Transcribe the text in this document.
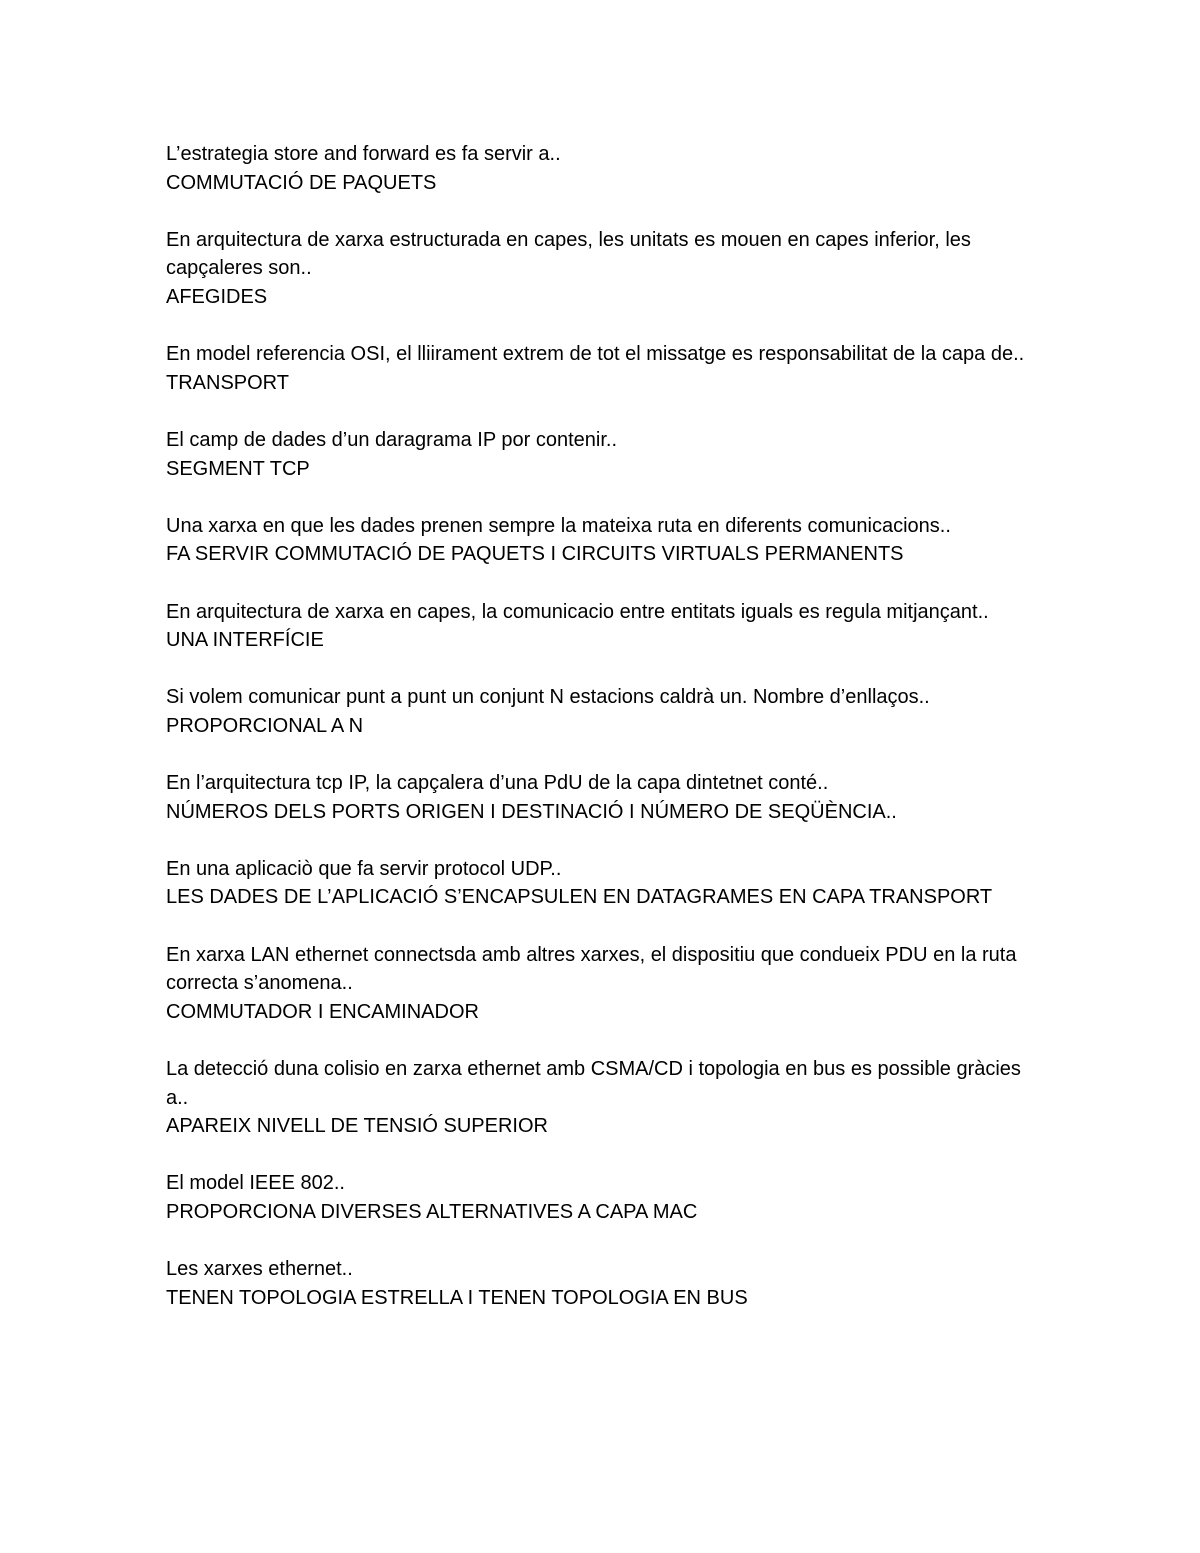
L’estrategia store and forward es fa servir a..
COMMUTACIÓ DE PAQUETS
En arquitectura de xarxa estructurada en capes, les unitats es mouen en capes inferior, les capçaleres son..
AFEGIDES
En model referencia OSI, el lliirament extrem de tot el missatge es responsabilitat de la capa de..
TRANSPORT
El camp de dades d’un daragrama IP por contenir..
SEGMENT TCP
Una xarxa en que les dades prenen sempre la mateixa ruta en diferents comunicacions..
FA SERVIR COMMUTACIÓ DE PAQUETS I CIRCUITS VIRTUALS PERMANENTS
En arquitectura de xarxa en capes, la comunicacio entre entitats iguals es regula mitjançant..
UNA INTERFÍCIE
Si volem comunicar punt a punt un conjunt N estacions caldrà un. Nombre d’enllaços..
PROPORCIONAL A N
En l’arquitectura tcp IP, la capçalera d’una PdU de la capa dintetnet conté..
NÚMEROS DELS PORTS ORIGEN I DESTINACIÓ I NÚMERO DE SEQÜÈNCIA..
En una aplicaciò que fa servir protocol UDP..
LES DADES DE L’APLICACIÓ S’ENCAPSULEN EN DATAGRAMES EN CAPA TRANSPORT
En xarxa LAN ethernet connectsda amb altres xarxes, el dispositiu que condueix PDU en la ruta correcta s’anomena..
COMMUTADOR I ENCAMINADOR
La detecció duna colisio en zarxa ethernet amb CSMA/CD i topologia en bus es possible gràcies a..
APAREIX NIVELL DE TENSIÓ SUPERIOR
El model IEEE 802..
PROPORCIONA DIVERSES ALTERNATIVES A CAPA MAC
Les xarxes ethernet..
TENEN TOPOLOGIA ESTRELLA I TENEN TOPOLOGIA EN BUS
